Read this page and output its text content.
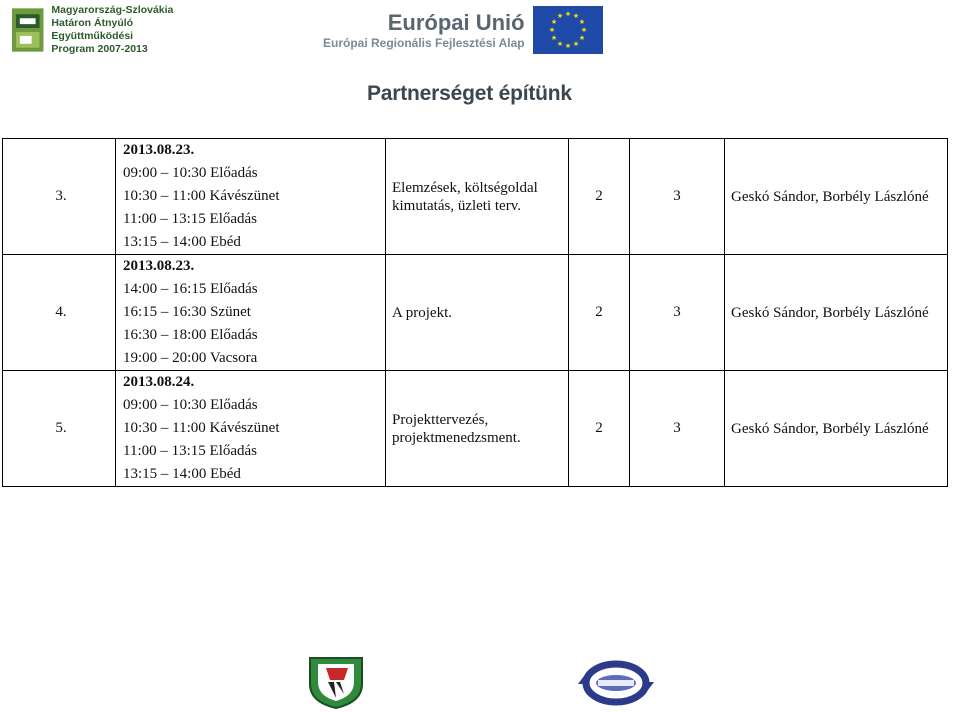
Magyarország-Szlovákia
Határon Átnyúló Együttműködési
Program 2007-2013
Európai Unió
Európai Regionális Fejlesztési Alap
★ ★
★
★
★
★
★
★
★
★
★
★
Partnerséget építünk
3.	2013.08.23.
09:00 – 10:30 Előadás
10:30 – 11:00 Kávészünet
11:00 – 13:15 Előadás
13:15 – 14:00 Ebéd	Elemzések, költségoldal kimutatás, üzleti terv.	2	3	Geskó Sándor, Borbély Lászlóné
4.	2013.08.23.
14:00 – 16:15 Előadás
16:15 – 16:30 Szünet
16:30 – 18:00 Előadás
19:00 – 20:00 Vacsora	A projekt.	2	3	Geskó Sándor, Borbély Lászlóné
5.	2013.08.24.
09:00 – 10:30 Előadás
10:30 – 11:00 Kávészünet
11:00 – 13:15 Előadás
13:15 – 14:00 Ebéd	Projekttervezés, projektmenedzsment.	2	3	Geskó Sándor, Borbély Lászlóné
